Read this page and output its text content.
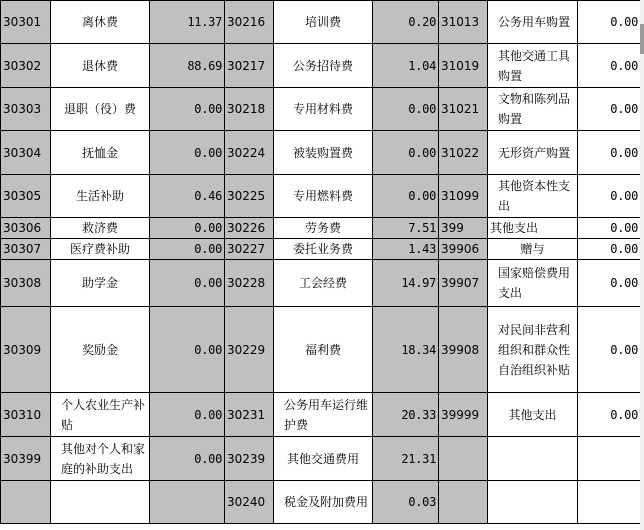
30301	离休费	11.37	30216	培训费	0.20	31013	公务用车购置	0.00
30302	退休费	88.69	30217	公务招待费	1.04	31019	其他交通工具购置	0.00
30303	退职（役）费	0.00	30218	专用材料费	0.00	31021	文物和陈列品购置	0.00
30304	抚恤金	0.00	30224	被装购置费	0.00	31022	无形资产购置	0.00
30305	生活补助	0.46	30225	专用燃料费	0.00	31099	其他资本性支出	0.00
30306	救济费	0.00	30226	劳务费	7.51	399	其他支出	0.00
30307	医疗费补助	0.00	30227	委托业务费	1.43	39906	赠与	0.00
30308	助学金	0.00	30228	工会经费	14.97	39907	国家赔偿费用支出	0.00
30309	奖励金	0.00	30229	福利费	18.34	39908	对民间非营利组织和群众性自治组织补贴	0.00
30310	个人农业生产补贴	0.00	30231	公务用车运行维护费	20.33	39999	其他支出	0.00
30399	其他对个人和家庭的补助支出	0.00	30239	其他交通费用	21.31			
			30240	税金及附加费用	0.03			
